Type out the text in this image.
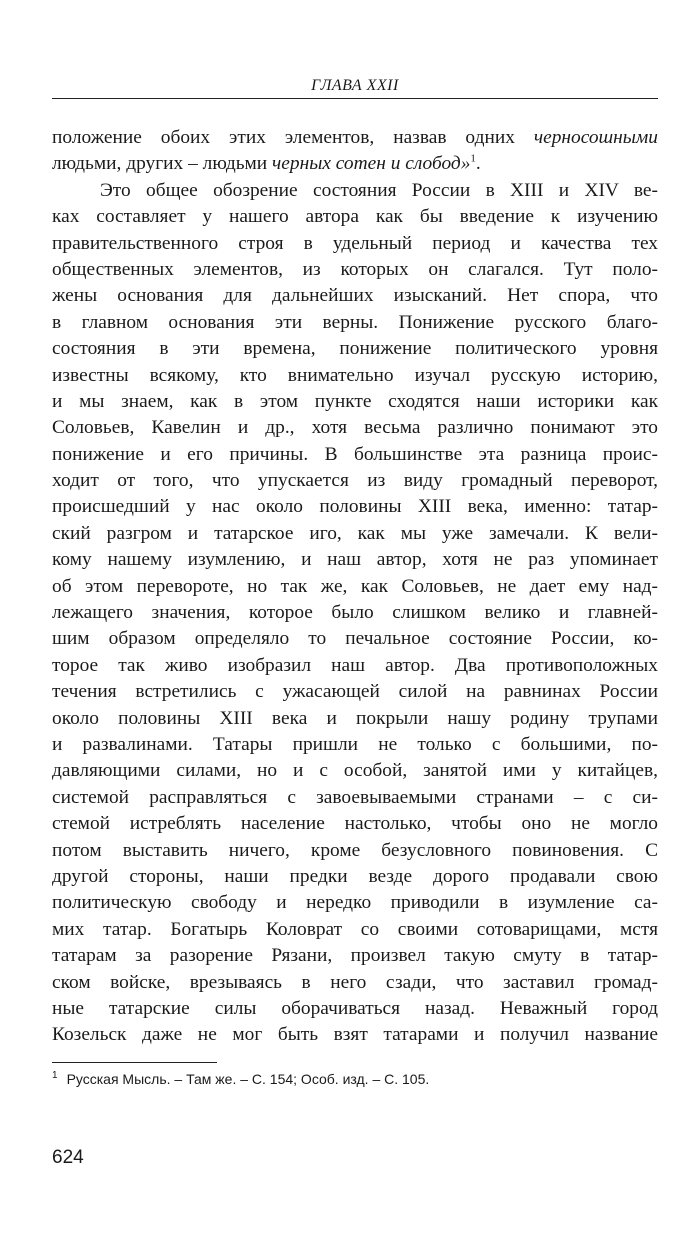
ГЛАВА XXII
положение обоих этих элементов, назвав одних черносошными
людьми, других – людьми черных сотен и слобод»$^1$.
Это общее обозрение состояния России в XIII и XIV ве-
ках составляет у нашего автора как бы введение к изучению
правительственного строя в удельный период и качества тех
общественных элементов, из которых он слагался. Тут поло-
жены основания для дальнейших изысканий. Нет спора, что
в главном основания эти верны. Понижение русского благо-
состояния в эти времена, понижение политического уровня
известны всякому, кто внимательно изучал русскую историю,
и мы знаем, как в этом пункте сходятся наши историки как
Соловьев, Кавелин и др., хотя весьма различно понимают это
понижение и его причины. В большинстве эта разница проис-
ходит от того, что упускается из виду громадный переворот,
происшедший у нас около половины XIII века, именно: татар-
ский разгром и татарское иго, как мы уже замечали. К вели-
кому нашему изумлению, и наш автор, хотя не раз упоминает
об этом перевороте, но так же, как Соловьев, не дает ему над-
лежащего значения, которое было слишком велико и главней-
шим образом определяло то печальное состояние России, ко-
торое так живо изобразил наш автор. Два противоположных
течения встретились с ужасающей силой на равнинах России
около половины XIII века и покрыли нашу родину трупами
и развалинами. Татары пришли не только с большими, по-
давляющими силами, но и с особой, занятой ими у китайцев,
системой расправляться с завоевываемыми странами – с си-
стемой истреблять население настолько, чтобы оно не могло
потом выставить ничего, кроме безусловного повиновения. С
другой стороны, наши предки везде дорого продавали свою
политическую свободу и нередко приводили в изумление са-
мих татар. Богатырь Коловрат со своими сотоварищами, мстя
татарам за разорение Рязани, произвел такую смуту в татар-
ском войске, врезываясь в него сзади, что заставил громад-
ные татарские силы оборачиваться назад. Неважный город
Козельск даже не мог быть взят татарами и получил название
$^1$ Русская Мысль. – Там же. – С. 154; Особ. изд. – С. 105.
624
